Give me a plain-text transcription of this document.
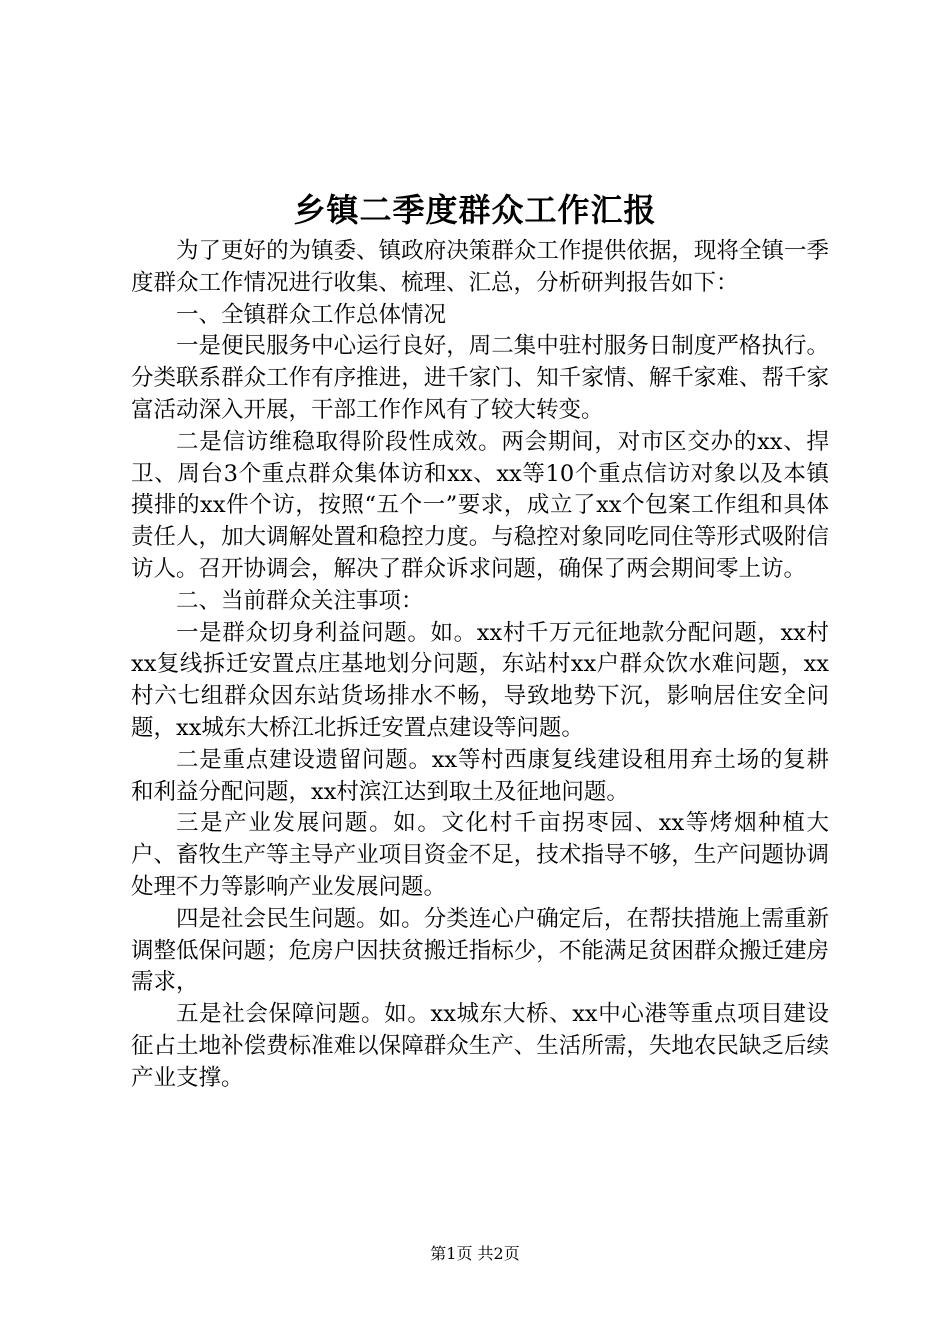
乡镇二季度群众工作汇报

为了更好的为镇委、镇政府决策群众工作提供依据，现将全镇一季度群众工作情况进行收集、梳理、汇总，分析研判报告如下：

一、全镇群众工作总体情况

一是便民服务中心运行良好，周二集中驻村服务日制度严格执行。分类联系群众工作有序推进，进千家门、知千家情、解千家难、帮千家富活动深入开展，干部工作作风有了较大转变。

二是信访维稳取得阶段性成效。两会期间，对市区交办的xx、捍卫、周台3个重点群众集体访和xx、xx等10个重点信访对象以及本镇摸排的xx件个访，按照“五个一”要求，成立了xx个包案工作组和具体责任人，加大调解处置和稳控力度。与稳控对象同吃同住等形式吸附信访人。召开协调会，解决了群众诉求问题，确保了两会期间零上访。

二、当前群众关注事项：

一是群众切身利益问题。如。xx村千万元征地款分配问题，xx村xx复线拆迁安置点庄基地划分问题，东站村xx户群众饮水难问题，xx村六七组群众因东站货场排水不畅，导致地势下沉，影响居住安全问题，xx城东大桥江北拆迁安置点建设等问题。

二是重点建设遗留问题。xx等村西康复线建设租用弃土场的复耕和利益分配问题，xx村滨江达到取土及征地问题。

三是产业发展问题。如。文化村千亩拐枣园、xx等烤烟种植大户、畜牧生产等主导产业项目资金不足，技术指导不够，生产问题协调处理不力等影响产业发展问题。

四是社会民生问题。如。分类连心户确定后，在帮扶措施上需重新调整低保问题；危房户因扶贫搬迁指标少，不能满足贫困群众搬迁建房需求，

五是社会保障问题。如。xx城东大桥、xx中心港等重点项目建设征占土地补偿费标准难以保障群众生产、生活所需，失地农民缺乏后续产业支撑。

第1页 共2页
